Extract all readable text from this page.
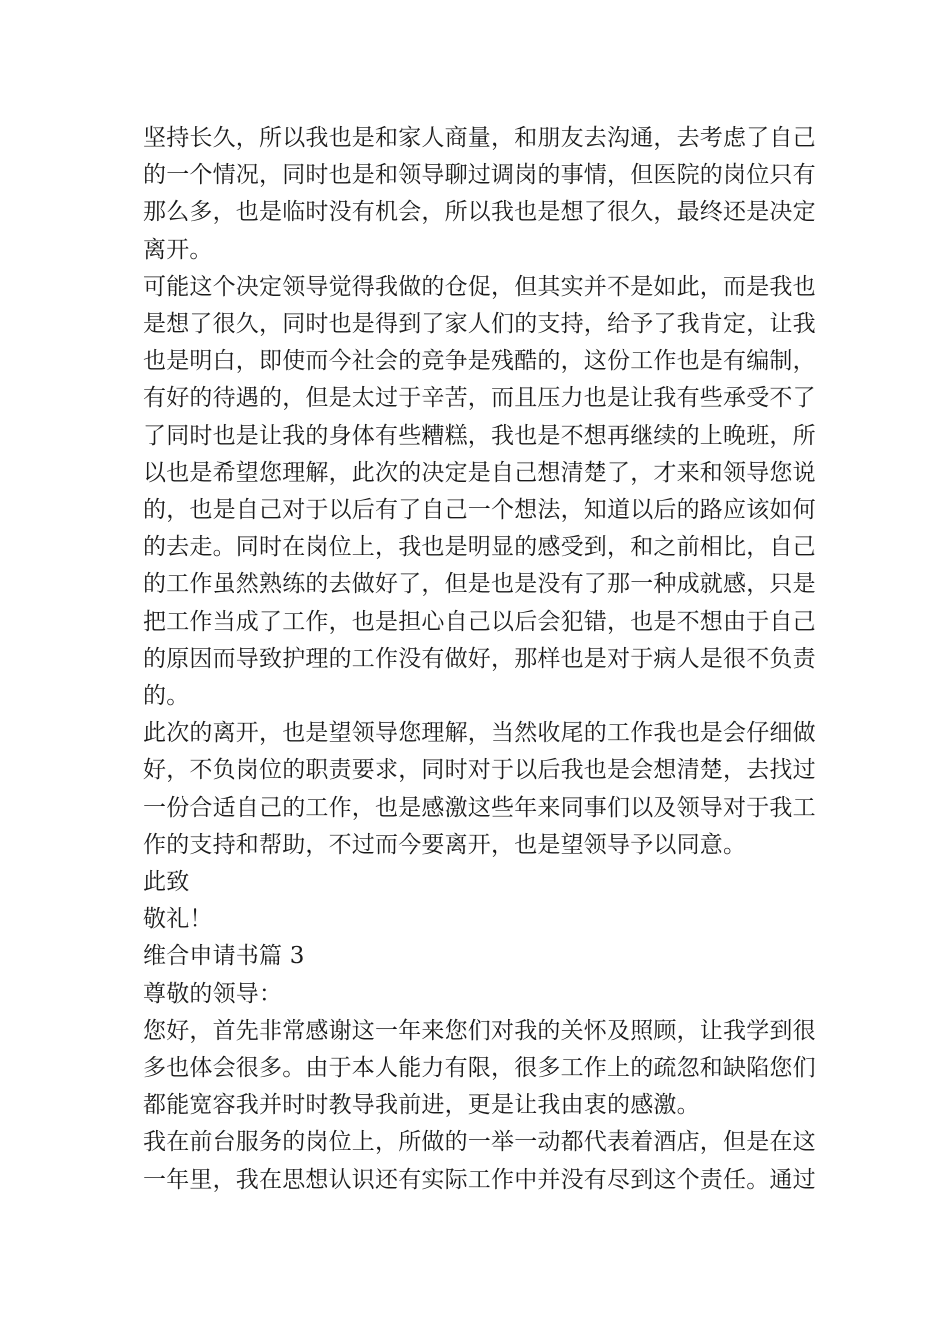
坚持长久，所以我也是和家人商量，和朋友去沟通，去考虑了自己
的一个情况，同时也是和领导聊过调岗的事情，但医院的岗位只有
那么多，也是临时没有机会，所以我也是想了很久，最终还是决定
离开。
可能这个决定领导觉得我做的仓促，但其实并不是如此，而是我也
是想了很久，同时也是得到了家人们的支持，给予了我肯定，让我
也是明白，即使而今社会的竞争是残酷的，这份工作也是有编制，
有好的待遇的，但是太过于辛苦，而且压力也是让我有些承受不了
了同时也是让我的身体有些糟糕，我也是不想再继续的上晚班，所
以也是希望您理解，此次的决定是自己想清楚了，才来和领导您说
的，也是自己对于以后有了自己一个想法，知道以后的路应该如何
的去走。同时在岗位上，我也是明显的感受到，和之前相比，自己
的工作虽然熟练的去做好了，但是也是没有了那一种成就感，只是
把工作当成了工作，也是担心自己以后会犯错，也是不想由于自己
的原因而导致护理的工作没有做好，那样也是对于病人是很不负责
的。
此次的离开，也是望领导您理解，当然收尾的工作我也是会仔细做
好，不负岗位的职责要求，同时对于以后我也是会想清楚，去找过
一份合适自己的工作，也是感激这些年来同事们以及领导对于我工
作的支持和帮助，不过而今要离开，也是望领导予以同意。
此致
敬礼！
维合申请书篇 3
尊敬的领导：
您好，首先非常感谢这一年来您们对我的关怀及照顾，让我学到很
多也体会很多。由于本人能力有限，很多工作上的疏忽和缺陷您们
都能宽容我并时时教导我前进，更是让我由衷的感激。
我在前台服务的岗位上，所做的一举一动都代表着酒店，但是在这
一年里，我在思想认识还有实际工作中并没有尽到这个责任。通过
